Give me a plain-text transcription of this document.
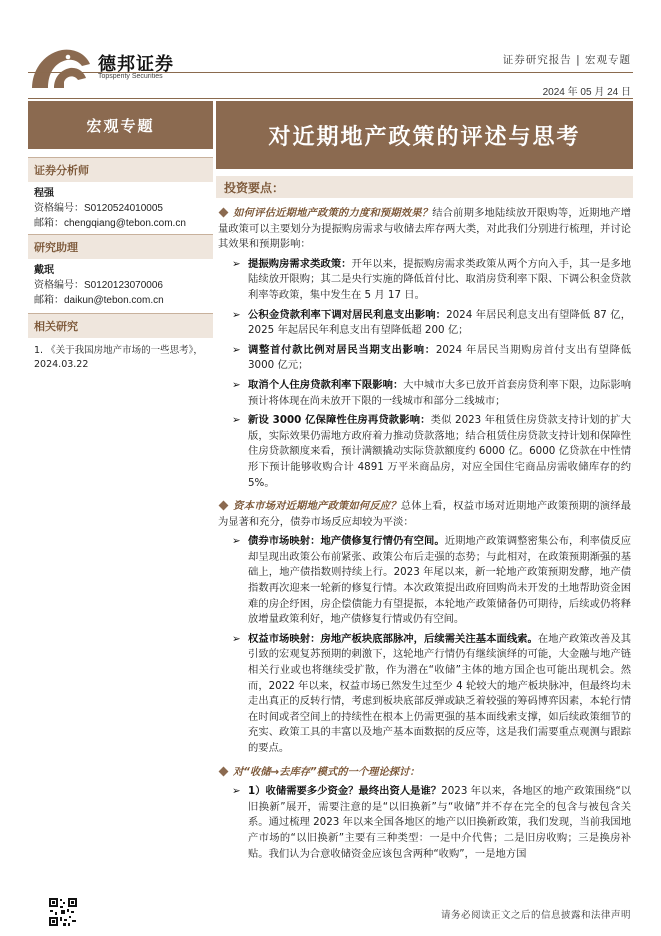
德邦证券
Topsperity Securities
证券研究报告 | 宏观专题
2024 年 05 月 24 日
宏观专题	对近期地产政策的评述与思考
证券分析师
程强
资格编号：S0120524010005
邮箱：chengqiang@tebon.com.cn
研究助理
戴珉
资格编号：S0120123070006
邮箱：daikun@tebon.com.cn
相关研究
1. 《关于我国房地产市场的一些思考》，2024.03.22
投资要点：
如何评估近期地产政策的力度和预期效果？结合前期多地陆续放开限购等，近期地产增量政策可以主要划分为提振购房需求与收储去库存两大类，对此我们分别进行梳理，并讨论其效果和预期影响：
➢ 提振购房需求类政策：开年以来，提振购房需求类政策从两个方向入手，其一是多地陆续放开限购；其二是央行实施的降低首付比、取消房贷利率下限、下调公积金贷款利率等政策，集中发生在 5 月 17 日。
➢ 公积金贷款利率下调对居民利息支出影响：2024 年居民利息支出有望降低 87 亿，2025 年起居民年利息支出有望降低超 200 亿；
➢ 调整首付款比例对居民当期支出影响：2024 年居民当期购房首付支出有望降低 3000 亿元；
➢ 取消个人住房贷款利率下限影响：大中城市大多已放开首套房贷利率下限，边际影响预计将体现在尚未放开下限的一线城市和部分二线城市；
➢ 新设 3000 亿保障性住房再贷款影响：类似 2023 年租赁住房贷款支持计划的扩大版，实际效果仍需地方政府着力推动贷款落地；结合租赁住房贷款支持计划和保障性住房贷款额度来看，预计满额撬动实际贷款额度约 6000 亿。6000 亿贷款在中性情形下预计能够收购合计 4891 万平米商品房，对应全国住宅商品房需收储库存的约 5%。
资本市场对近期地产政策如何反应？总体上看，权益市场对近期地产政策预期的演绎最为显著和充分，债券市场反应却较为平淡：
➢ 债券市场映射：地产债修复行情仍有空间。近期地产政策调整密集公布，利率债反应却呈现出政策公布前紧张、政策公布后走强的态势；与此相对，在政策预期渐强的基础上，地产债指数则持续上行。2023 年尾以来，新一轮地产政策预期发酵，地产债指数再次迎来一轮新的修复行情。本次政策提出政府回购尚未开发的土地帮助资金困难的房企纾困，房企偿债能力有望提振，本轮地产政策储备仍可期待，后续或仍将释放增量政策利好，地产债修复行情或仍有空间。
➢ 权益市场映射：房地产板块底部脉冲，后续需关注基本面线索。在地产政策改善及其引致的宏观复苏预期的刺激下，这轮地产行情仍有继续演绎的可能，大金融与地产链相关行业或也将继续受扩散，作为潜在“收储”主体的地方国企也可能出现机会。然而，2022 年以来，权益市场已然发生过至少 4 轮较大的地产板块脉冲，但最终均未走出真正的反转行情，考虑到板块底部反弹或缺乏着较强的筹码博弈因素，本轮行情在时间或者空间上的持续性在根本上仍需更强的基本面线索支撑，如后续政策细节的充实、政策工具的丰富以及地产基本面数据的反应等，这是我们需要重点观测与跟踪的要点。
对“收储→去库存”模式的一个理论探讨：
➢ 1）收储需要多少资金？最终出资人是谁？2023 年以来，各地区的地产政策围绕“以旧换新”展开，需要注意的是“以旧换新”与“收储”并不存在完全的包含与被包含关系。通过梳理 2023 年以来全国各地区的地产以旧换新政策，我们发现，当前我国地产市场的“以旧换新”主要有三种类型：一是中介代售；二是旧房收购；三是换房补贴。我们认为合意收储资金应该包含两种“收购”，一是地方国
请务必阅读正文之后的信息披露和法律声明
